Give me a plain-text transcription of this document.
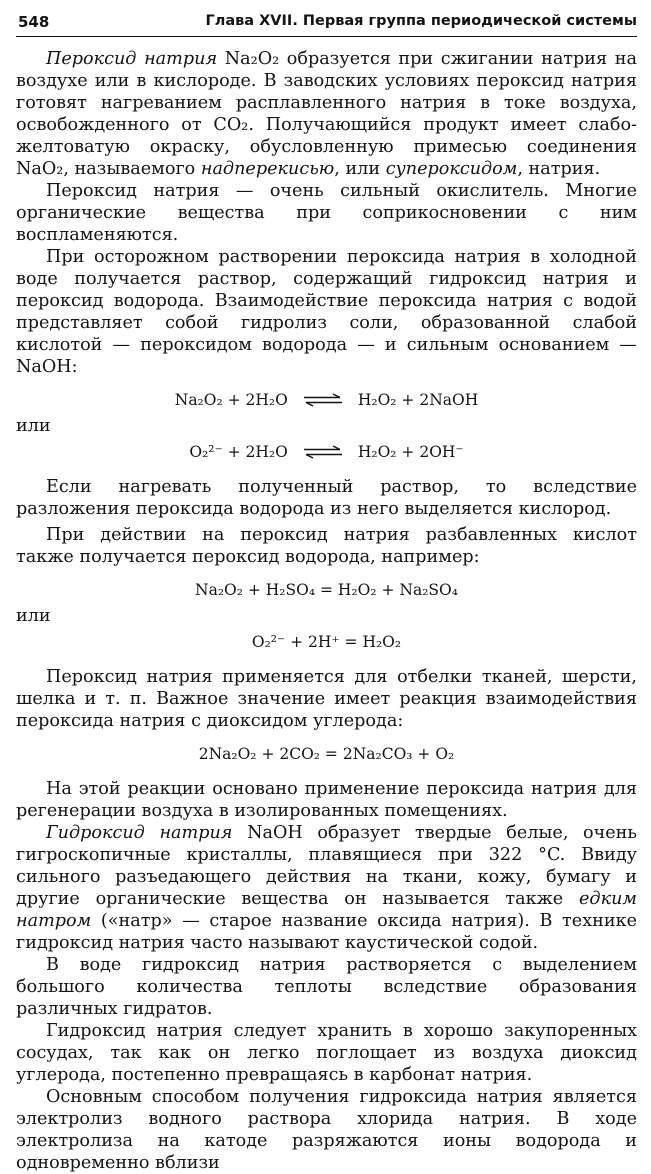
548	Глава XVII. Первая группа периодической системы

Пероксид натрия Na₂O₂ образуется при сжигании натрия на воздухе или в кислороде. В заводских условиях пероксид натрия готовят нагреванием расплавленного натрия в токе воздуха, освобожденного от CO₂. Получающийся продукт имеет слабо-желтоватую окраску, обусловленную примесью соединения NaO₂, называемого надперекисью, или супероксидом, натрия.

Пероксид натрия — очень сильный окислитель. Многие органические вещества при соприкосновении с ним воспламеняются.

При осторожном растворении пероксида натрия в холодной воде получается раствор, содержащий гидроксид натрия и пероксид водорода. Взаимодействие пероксида натрия с водой представляет собой гидролиз соли, образованной слабой кислотой — пероксидом водорода — и сильным основанием — NaOH:

Na₂O₂ + 2H₂O ⇌ H₂O₂ + 2NaOH

или

O₂²⁻ + 2H₂O ⇌ H₂O₂ + 2OH⁻

Если нагревать полученный раствор, то вследствие разложения пероксида водорода из него выделяется кислород.

При действии на пероксид натрия разбавленных кислот также получается пероксид водорода, например:

Na₂O₂ + H₂SO₄ = H₂O₂ + Na₂SO₄

или

O₂²⁻ + 2H⁺ = H₂O₂

Пероксид натрия применяется для отбелки тканей, шерсти, шелка и т. п. Важное значение имеет реакция взаимодействия пероксида натрия с диоксидом углерода:

2Na₂O₂ + 2CO₂ = 2Na₂CO₃ + O₂

На этой реакции основано применение пероксида натрия для регенерации воздуха в изолированных помещениях.

Гидроксид натрия NaOH образует твердые белые, очень гигроскопичные кристаллы, плавящиеся при 322 °C. Ввиду сильного разъедающего действия на ткани, кожу, бумагу и другие органические вещества он называется также едким натром («натр» — старое название оксида натрия). В технике гидроксид натрия часто называют каустической содой.

В воде гидроксид натрия растворяется с выделением большого количества теплоты вследствие образования различных гидратов.

Гидроксид натрия следует хранить в хорошо закупоренных сосудах, так как он легко поглощает из воздуха диоксид углерода, постепенно превращаясь в карбонат натрия.

Основным способом получения гидроксида натрия является электролиз водного раствора хлорида натрия. В ходе электролиза на катоде разряжаются ионы водорода и одновременно вблизи
